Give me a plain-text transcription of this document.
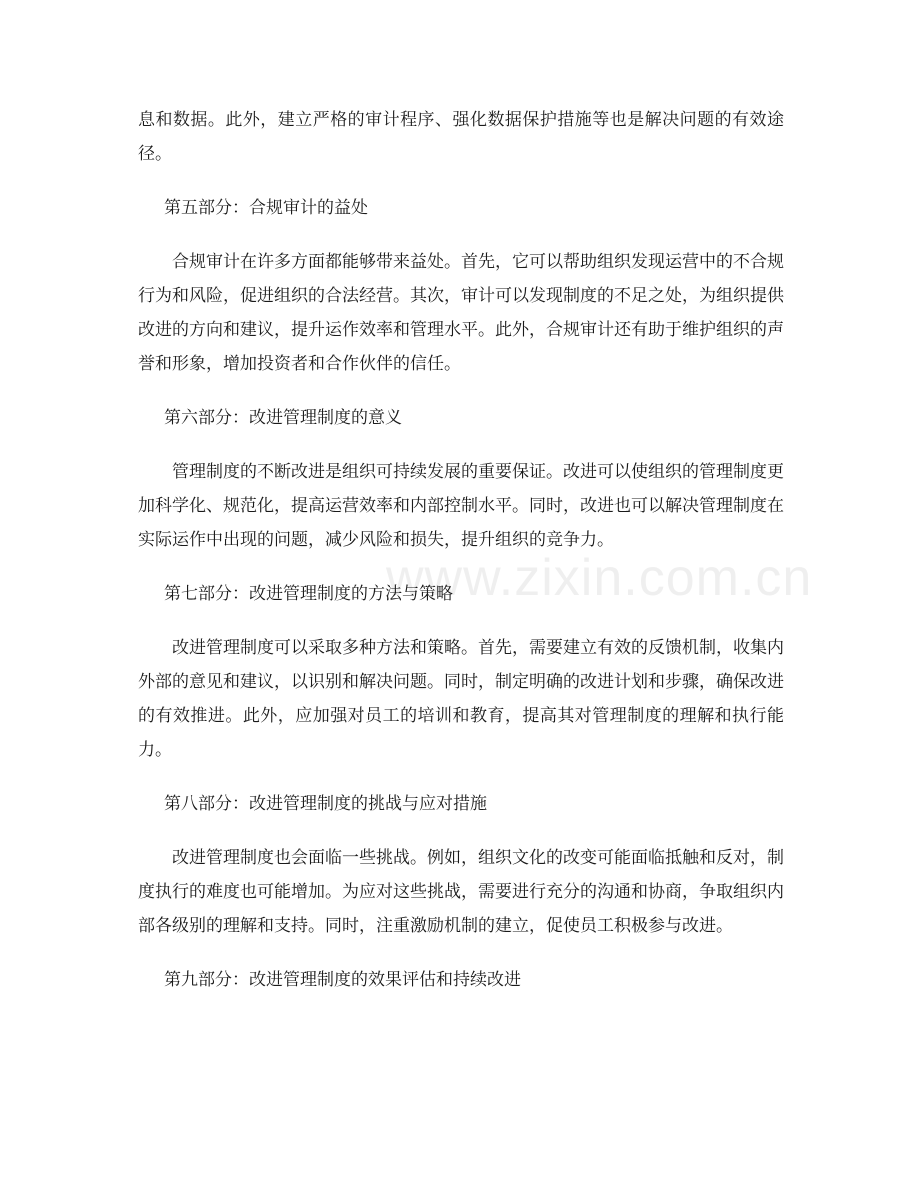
息和数据。此外，建立严格的审计程序、强化数据保护措施等也是解决问题的有效途径。

第五部分：合规审计的益处

合规审计在许多方面都能够带来益处。首先，它可以帮助组织发现运营中的不合规行为和风险，促进组织的合法经营。其次，审计可以发现制度的不足之处，为组织提供改进的方向和建议，提升运作效率和管理水平。此外，合规审计还有助于维护组织的声誉和形象，增加投资者和合作伙伴的信任。

第六部分：改进管理制度的意义

管理制度的不断改进是组织可持续发展的重要保证。改进可以使组织的管理制度更加科学化、规范化，提高运营效率和内部控制水平。同时，改进也可以解决管理制度在实际运作中出现的问题，减少风险和损失，提升组织的竞争力。

第七部分：改进管理制度的方法与策略

改进管理制度可以采取多种方法和策略。首先，需要建立有效的反馈机制，收集内外部的意见和建议，以识别和解决问题。同时，制定明确的改进计划和步骤，确保改进的有效推进。此外，应加强对员工的培训和教育，提高其对管理制度的理解和执行能力。

第八部分：改进管理制度的挑战与应对措施

改进管理制度也会面临一些挑战。例如，组织文化的改变可能面临抵触和反对，制度执行的难度也可能增加。为应对这些挑战，需要进行充分的沟通和协商，争取组织内部各级别的理解和支持。同时，注重激励机制的建立，促使员工积极参与改进。

第九部分：改进管理制度的效果评估和持续改进
www.zixin.com.cn
